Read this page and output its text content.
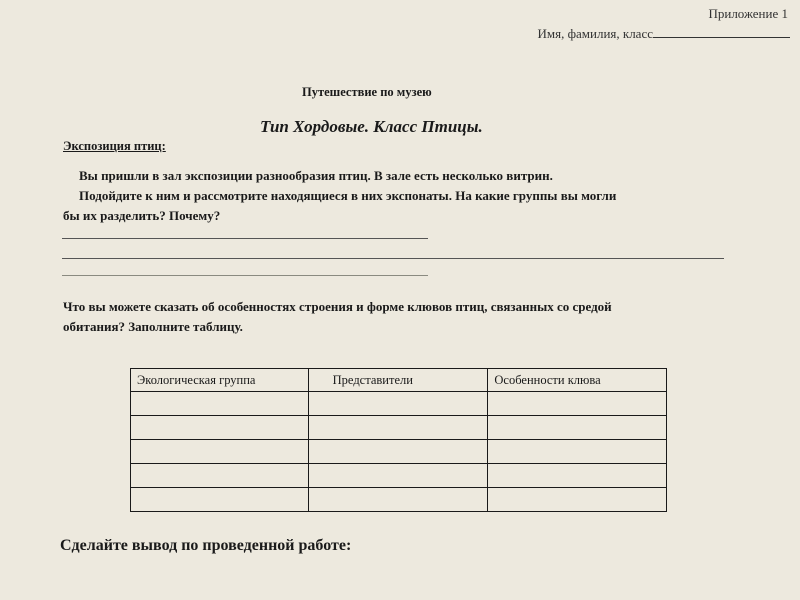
Приложение 1
Имя, фамилия, класс
Путешествие по музею
Тип Хордовые. Класс Птицы.
Экспозиция птиц:
Вы пришли в зал экспозиции разнообразия птиц. В зале есть несколько витрин.
Подойдите к ним и рассмотрите находящиеся в них экспонаты. На какие группы вы могли
бы их разделить? Почему?
Что вы можете сказать об особенностях строения и форме клювов птиц, связанных со средой
обитания? Заполните таблицу.
Экологическая группа	Представители	Особенности клюва

Сделайте вывод по проведенной работе:
